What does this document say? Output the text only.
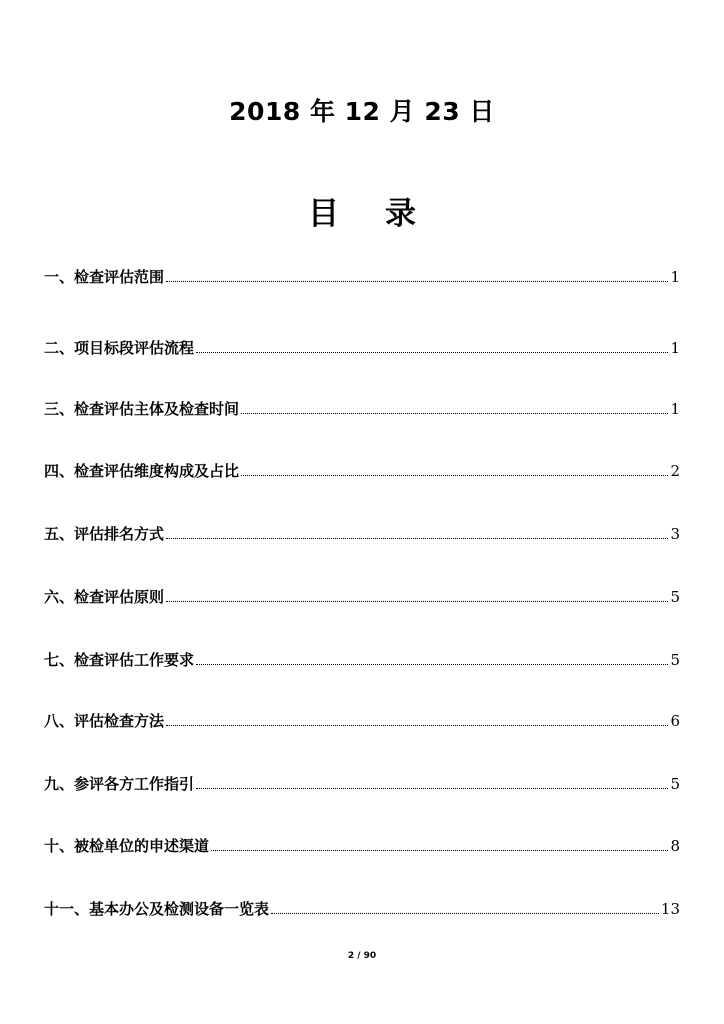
2018 年 12 月 23 日
目 录
一、检查评估范围	1
二、项目标段评估流程	1
三、检查评估主体及检查时间	1
四、检查评估维度构成及占比	2
五、评估排名方式	3
六、检查评估原则	5
七、检查评估工作要求	5
八、评估检查方法	6
九、参评各方工作指引	5
十、被检单位的申述渠道	8
十一、基本办公及检测设备一览表	13
2 / 90
